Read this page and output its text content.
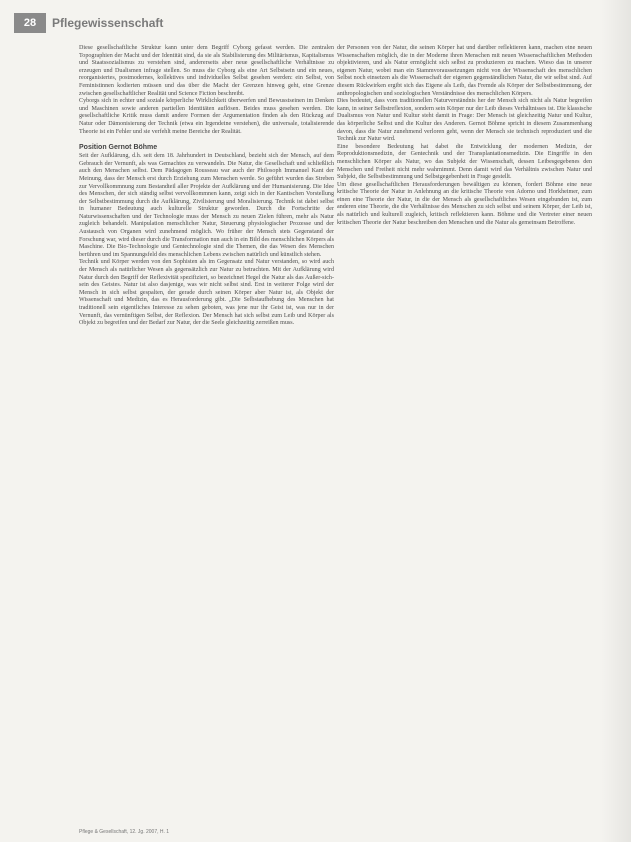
28	Pflegewissenschaft

Diese gesellschaftliche Struktur kann unter dem Begriff Cyborg gefasst werden. Die zentralen Topographien der Macht und der Identität sind, da sie als Stabilisierung des Militärismus, Kapitalismus und Staatssozialismus zu verstehen sind, andererseits aber neue gesellschaftliche Verhältnisse zu erzeugen und Dualismen infrage stellen. So muss die Cyborg als eine Art Selbstsein und ein neues, reorganisiertes, postmodernes, kollektives und individuelles Selbst gesehen werden: ein Selbst, von Feministinnen kodierten müssen und das über die Macht der Grenzen hinweg geht, eine Grenze zwischen gesellschaftlicher Realität und Science Fiction beschreibt.

Cyborgs sich in echter und soziale körperliche Wirklichkeit überwerfen und Bewusstseinen im Denken und Maschinen sowie anderen partiellen Identitäten auflösen. Beides muss gesehen werden. Die gesellschaftliche Kritik muss damit andere Formen der Argumentation finden als den Rückzug auf Natur oder Dämonisierung der Technik (etwa ein Irgendeine verstehen), die universale, totalisierende Theorie ist ein Fehler und sie verfehlt meine Bereiche der Realität.

Position Gernot Böhme

Seit der Aufklärung, d.h. seit dem 18. Jahrhundert in Deutschland, bezieht sich der Mensch, auf dem Gebrauch der Vernunft, als was Gemachtes zu verwandeln. Die Natur, die Gesellschaft und schließlich auch den Menschen selbst. Dem Pädagogen Rousseau war auch der Philosoph Immanuel Kant der Meinung, dass der Mensch erst durch Erziehung zum Menschen werde. So geführt wurden das Streben zur Vervollkommnung zum Bestandteil aller Projekte der Aufklärung und der Humanisierung. Die Idee des Menschen, der sich ständig selbst vervollkommnen kann, zeigt sich in der Kantischen Vorstellung der Selbstbestimmung durch die Aufklärung, Zivilisierung und Moralisierung. Technik ist dabei selbst in humaner Bedeutung auch kulturelle Struktur geworden. Durch die Fortschritte der Naturwissenschaften und der Technologie muss der Mensch zu neuen Zielen führen, mehr als Natur zugleich behandelt. Manipulation menschlicher Natur, Steuerung physiologischer Prozesse und der Austausch von Organen wird zunehmend möglich. Wo früher der Mensch stets Gegenstand der Forschung war, wird dieser durch die Transformation nun auch in ein Bild des menschlichen Körpers als Maschine. Die Bio-Technologie und Gentechnologie sind die Themen, die das Wesen des Menschen berühren und im Spannungsfeld des menschlichen Lebens zwischen natürlich und künstlich stehen.

Technik und Körper werden von den Sophisten als im Gegensatz und Natur verstanden, so wird auch der Mensch als natürlicher Wesen als gegensätzlich zur Natur zu betrachten. Mit der Aufklärung wird Natur durch den Begriff der Reflexivität spezifiziert, so bezeichnet Hegel die Natur als das Außer-sich-sein des Geistes. Natur ist also dasjenige, was wir nicht selbst sind. Erst in weiterer Folge wird der Mensch in sich selbst gespalten, der gerade durch seinen Körper aber Natur ist, als Objekt der Wissenschaft und Medizin, das es Herausforderung gibt. „Die Selbstaufhebung des Menschen hat traditionell sein eigentliches Interesse zu sehen geboten, was jene nur ihr Geist ist, was nur in der Vernunft, das vernünftigen Selbst, der Reflexion. Der Mensch hat sich selbst zum Leib und Körper als Objekt zu begreifen und der Bedarf zur Natur, der die Seele gleichzeitig zerreißen muss.

der Personen von der Natur, die seinen Körper hat und darüber reflektieren kann, machen eine neuen Wissenschaften möglich, die in der Moderne ihren Menschen mit neuen Wissenschaftlichen Methoden objektivieren, und als Natur ermöglicht sich selbst zu produzieren zu machen. Wieso das in unserer eigenen Natur, wobei man ein Stammvoraussetzungen nicht von der Wissenschaft des menschlichen Selbst noch einsetzen als die Wissenschaft der eigenen gegenständlichen Natur, die wir selbst sind. Auf diesem Rückwirken ergibt sich das Eigene als Leib, das Fremde als Körper der Selbstbestimmung, der anthropologischen und soziologischen Verständnisse des menschlichen Körpers.

Dies bedeutet, dass vom traditionellen Naturverständnis her der Mensch sich nicht als Natur begreifen kann, in seiner Selbstreflexion, sondern sein Körper nur der Leib dieses Verhältnisses ist. Die klassische Dualismus von Natur und Kultur steht damit in Frage: Der Mensch ist gleichzeitig Natur und Kultur, das körperliche Selbst und die Kultur des Anderen. Gernot Böhme spricht in diesem Zusammenhang davon, dass die Natur zunehmend verloren geht, wenn der Mensch sie technisch reproduziert und die Technik zur Natur wird.

Eine besondere Bedeutung hat dabei die Entwicklung der modernen Medizin, der Reproduktionsmedizin, der Gentechnik und der Transplantationsmedizin. Die Eingriffe in den menschlichen Körper als Natur, wo das Subjekt der Wissenschaft, dessen Leibesgegebenes den Menschen und Freiheit nicht mehr wahrnimmt. Denn damit wird das Verhältnis zwischen Natur und Subjekt, die Selbstbestimmung und Selbstgegebenheit in Frage gestellt.

Um diese gesellschaftlichen Herausforderungen bewältigen zu können, fordert Böhme eine neue kritische Theorie der Natur in Anlehnung an die kritische Theorie von Adorno und Horkheimer, zum einen eine Theorie der Natur, in die der Mensch als gesellschaftliches Wesen eingebunden ist, zum anderen eine Theorie, die die Verhältnisse des Menschen zu sich selbst und seinem Körper, der Leib ist, als natürlich und kulturell zugleich, kritisch reflektieren kann. Böhme und die Vertreter einer neuen kritischen Theorie der Natur beschreiben den Menschen und die Natur als gemeinsam Betroffene.

Pflege & Gesellschaft, 12. Jg. 2007, H. 1
